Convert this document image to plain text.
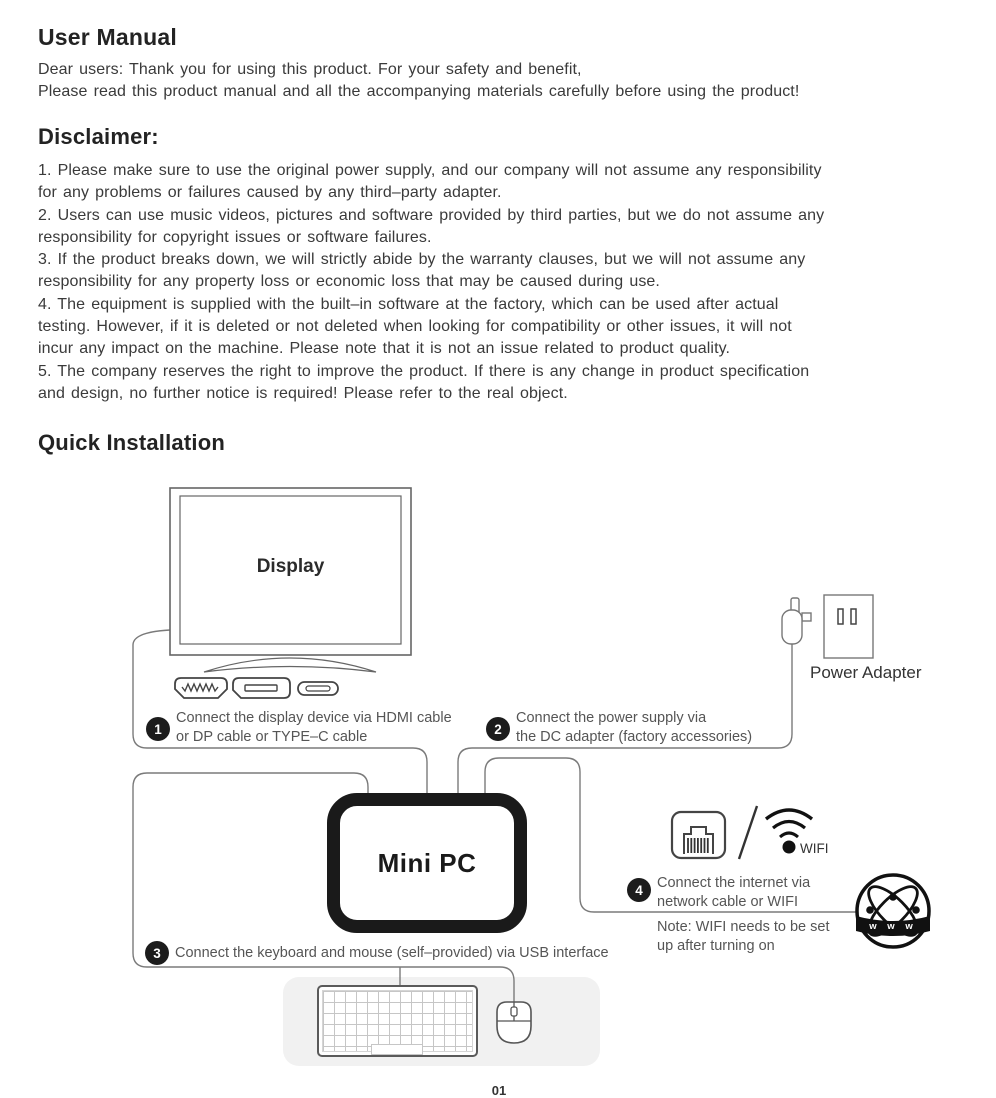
User Manual
Dear users: Thank you for using this product. For your safety and benefit,
Please read this product manual and all the accompanying materials carefully before using the product!
Disclaimer:
1. Please make sure to use the original power supply, and our company will not assume any responsibility
for any problems or failures caused by any third–party adapter.
2. Users can use music videos, pictures and software provided by third parties, but we do not assume any
responsibility for copyright issues or software failures.
3. If the product breaks down, we will strictly abide by the warranty clauses, but we will not assume any
responsibility for any property loss or economic loss that may be caused during use.
4. The equipment is supplied with the built–in software at the factory, which can be used after actual
testing. However, if it is deleted or not deleted when looking for compatibility or other issues, it will not
incur any impact on the machine. Please note that it is not an issue related to product quality.
5. The company reserves the right to improve the product. If there is any change in product specification
and design, no further notice is required! Please refer to the real object.
Quick Installation
w w w
Display
Mini PC
Power Adapter
WIFI
1
Connect the display device via HDMI cable
or DP cable or TYPE–C cable	2
Connect the power supply via
the DC adapter (factory accessories)
3 Connect the keyboard and mouse (self–provided) via USB interface
4 Connect the internet via
network cable or WIFI
Note: WIFI needs to be set
up after turning on
01
